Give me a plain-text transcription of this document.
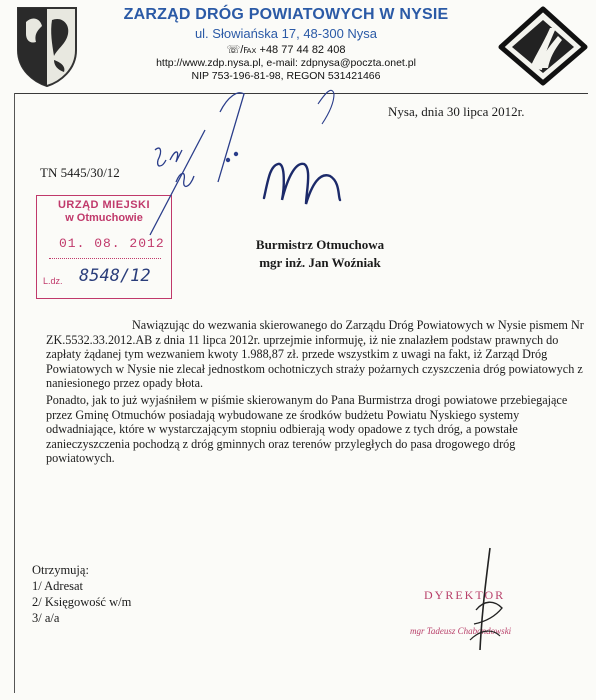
ZARZĄD DRÓG POWIATOWYCH W NYSIE
ul. Słowiańska 17, 48-300 Nysa
☏/℻ +48 77 44 82 408
http://www.zdp.nysa.pl, e-mail: zdpnysa@poczta.onet.pl
NIP 753-196-81-98, REGON 531421466
Nysa, dnia 30 lipca 2012r.
TN 5445/30/12
URZĄD MIEJSKI
w Otmuchowie
01. 08. 2012
L.dz. 8548/12
Burmistrz Otmuchowa
mgr inż. Jan Woźniak

Nawiązując do wezwania skierowanego do Zarządu Dróg Powiatowych w Nysie pismem Nr ZK.5532.33.2012.AB z dnia 11 lipca 2012r. uprzejmie informuję, iż nie znalazłem podstaw prawnych do zapłaty żądanej tym wezwaniem kwoty 1.988,87 zł. przede wszystkim z uwagi na fakt, iż Zarząd Dróg Powiatowych w Nysie nie zlecał jednostkom ochotniczych straży pożarnych czyszczenia dróg powiatowych z naniesionego przez opady błota.

Ponadto, jak to już wyjaśniłem w piśmie skierowanym do Pana Burmistrza drogi powiatowe przebiegające przez Gminę Otmuchów posiadają wybudowane ze środków budżetu Powiatu Nyskiego systemy odwadniające, które w wystarczającym stopniu odbierają wody opadowe z tych dróg, a powstałe zanieczyszczenia pochodzą z dróg gminnych oraz terenów przyległych do pasa drogowego dróg powiatowych.

Otrzymują:
1/ Adresat
2/ Księgowość w/m
3/ a/a
DYREKTOR
mgr Tadeusz Chabandowski
